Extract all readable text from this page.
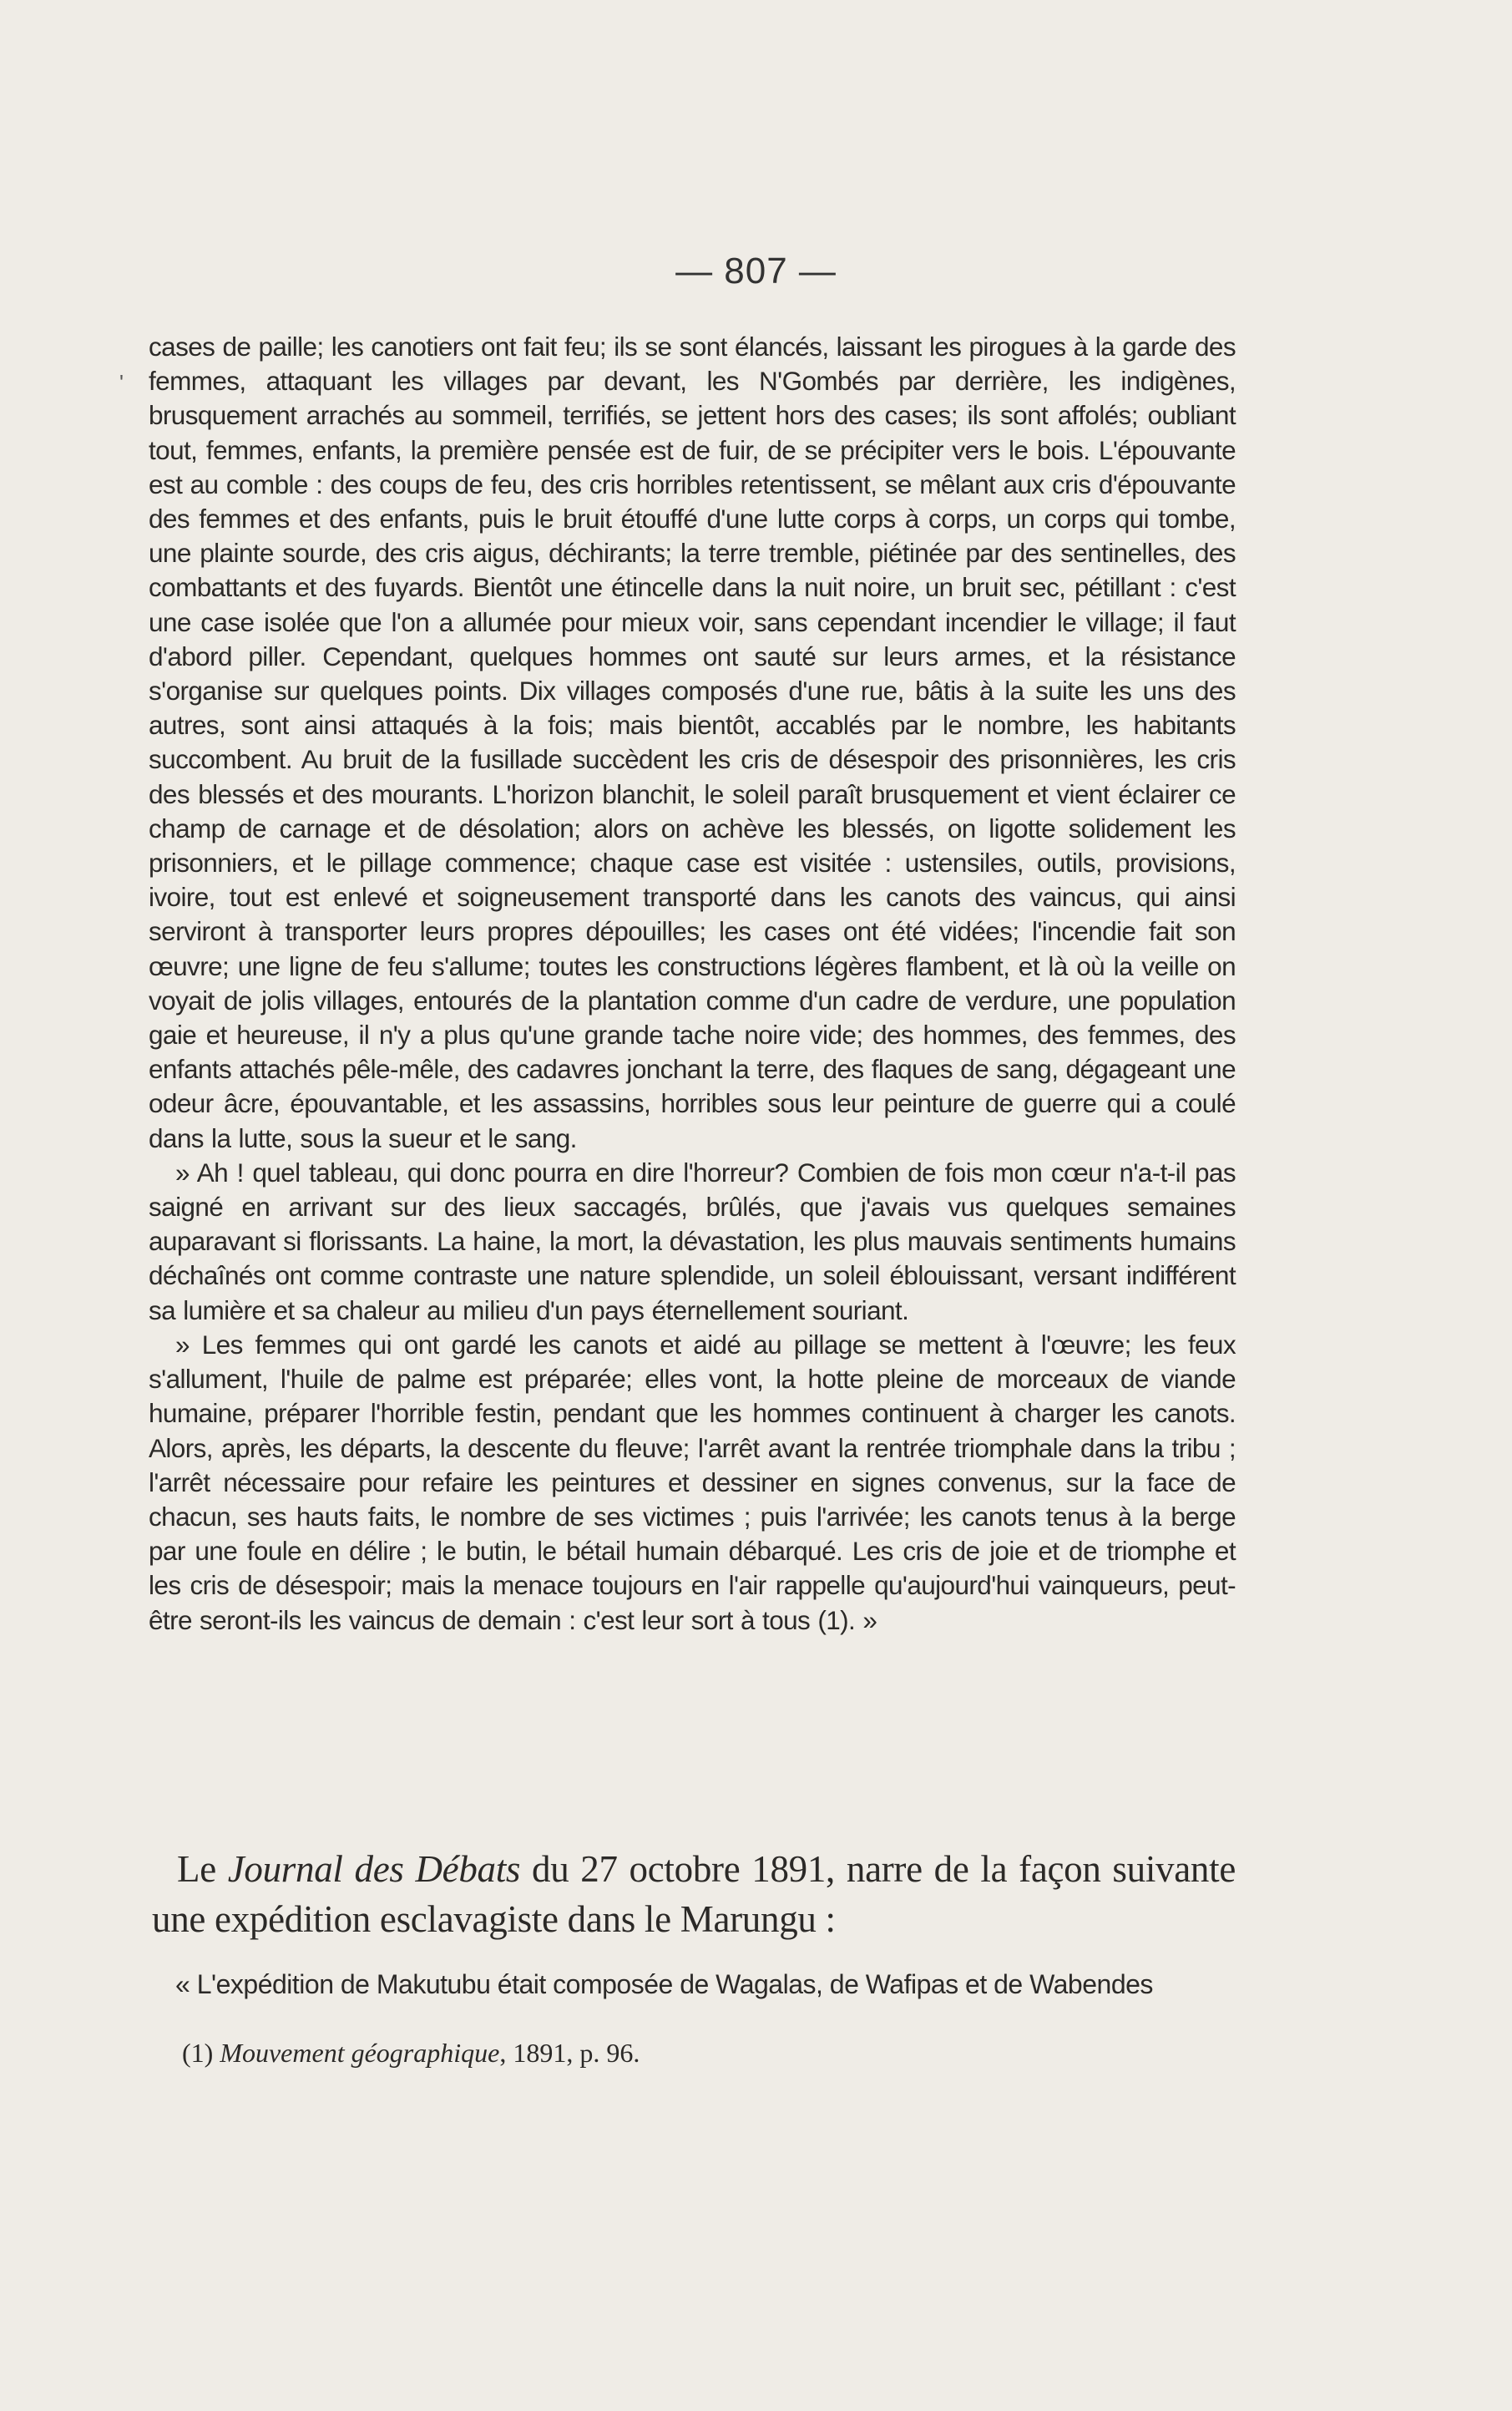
— 807 —
'

cases de paille; les canotiers ont fait feu; ils se sont élancés, laissant les pirogues à la garde des femmes, attaquant les villages par devant, les N'Gombés par derrière, les indigènes, brusquement arrachés au sommeil, terrifiés, se jettent hors des cases; ils sont affolés; oubliant tout, femmes, enfants, la première pensée est de fuir, de se précipiter vers le bois. L'épouvante est au comble : des coups de feu, des cris horribles retentissent, se mêlant aux cris d'épouvante des femmes et des enfants, puis le bruit étouffé d'une lutte corps à corps, un corps qui tombe, une plainte sourde, des cris aigus, déchirants; la terre tremble, piétinée par des sentinelles, des combattants et des fuyards. Bientôt une étincelle dans la nuit noire, un bruit sec, pétillant : c'est une case isolée que l'on a allumée pour mieux voir, sans cependant incendier le village; il faut d'abord piller. Cependant, quelques hommes ont sauté sur leurs armes, et la résistance s'organise sur quelques points. Dix villages composés d'une rue, bâtis à la suite les uns des autres, sont ainsi attaqués à la fois; mais bientôt, accablés par le nombre, les habitants succombent. Au bruit de la fusillade succèdent les cris de désespoir des prisonnières, les cris des blessés et des mourants. L'horizon blanchit, le soleil paraît brusquement et vient éclairer ce champ de carnage et de désolation; alors on achève les blessés, on ligotte solidement les prisonniers, et le pillage commence; chaque case est visitée : ustensiles, outils, provisions, ivoire, tout est enlevé et soigneusement transporté dans les canots des vaincus, qui ainsi serviront à transporter leurs propres dépouilles; les cases ont été vidées; l'incendie fait son œuvre; une ligne de feu s'allume; toutes les constructions légères flambent, et là où la veille on voyait de jolis villages, entourés de la plantation comme d'un cadre de verdure, une population gaie et heureuse, il n'y a plus qu'une grande tache noire vide; des hommes, des femmes, des enfants attachés pêle-mêle, des cadavres jonchant la terre, des flaques de sang, dégageant une odeur âcre, épouvantable, et les assassins, horribles sous leur peinture de guerre qui a coulé dans la lutte, sous la sueur et le sang.

» Ah ! quel tableau, qui donc pourra en dire l'horreur? Combien de fois mon cœur n'a-t-il pas saigné en arrivant sur des lieux saccagés, brûlés, que j'avais vus quelques semaines auparavant si florissants. La haine, la mort, la dévastation, les plus mauvais sentiments humains déchaînés ont comme contraste une nature splendide, un soleil éblouissant, versant indifférent sa lumière et sa chaleur au milieu d'un pays éternellement souriant.

» Les femmes qui ont gardé les canots et aidé au pillage se mettent à l'œuvre; les feux s'allument, l'huile de palme est préparée; elles vont, la hotte pleine de morceaux de viande humaine, préparer l'horrible festin, pendant que les hommes continuent à charger les canots. Alors, après, les départs, la descente du fleuve; l'arrêt avant la rentrée triomphale dans la tribu ; l'arrêt nécessaire pour refaire les peintures et dessiner en signes convenus, sur la face de chacun, ses hauts faits, le nombre de ses victimes ; puis l'arrivée; les canots tenus à la berge par une foule en délire ; le butin, le bétail humain débarqué. Les cris de joie et de triomphe et les cris de désespoir; mais la menace toujours en l'air rappelle qu'aujourd'hui vainqueurs, peut-être seront-ils les vaincus de demain : c'est leur sort à tous (1). »

Le Journal des Débats du 27 octobre 1891, narre de la façon suivante une expédition esclavagiste dans le Marungu :
« L'expédition de Makutubu était composée de Wagalas, de Wafipas et de Wabendes
(1) Mouvement géographique, 1891, p. 96.
